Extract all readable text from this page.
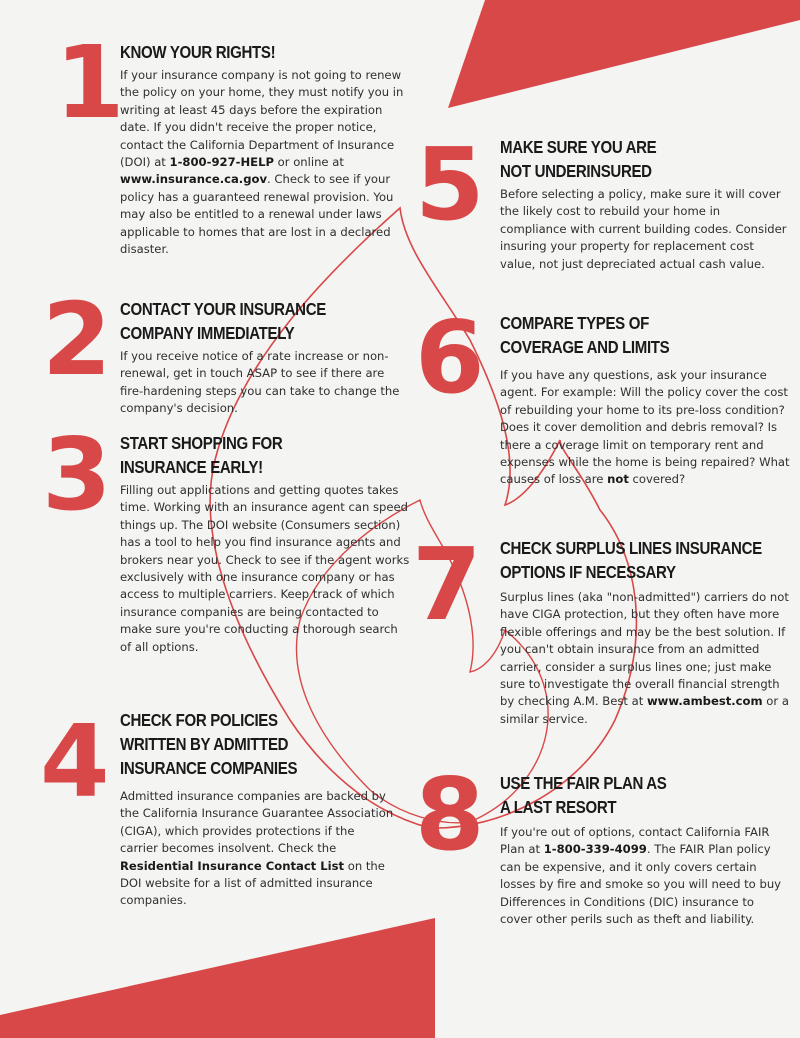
1
KNOW YOUR RIGHTS!
If your insurance company is not going to renew the policy on your home, they must notify you in writing at least 45 days before the expiration date. If you didn't receive the proper notice, contact the California Department of Insurance (DOI) at 1-800-927-HELP or online at www.insurance.ca.gov. Check to see if your policy has a guaranteed renewal provision. You may also be entitled to a renewal under laws applicable to homes that are lost in a declared disaster.
2 CONTACT YOUR INSURANCE
COMPANY IMMEDIATELY
If you receive notice of a rate increase or non-renewal, get in touch ASAP to see if there are fire-hardening steps you can take to change the company's decision.
3 START SHOPPING FOR
INSURANCE EARLY!
Filling out applications and getting quotes takes time. Working with an insurance agent can speed things up. The DOI website (Consumers section) has a tool to help you find insurance agents and brokers near you. Check to see if the agent works exclusively with one insurance company or has access to multiple carriers. Keep track of which insurance companies are being contacted to make sure you're conducting a thorough search of all options.
4 CHECK FOR POLICIES
WRITTEN BY ADMITTED
INSURANCE COMPANIES
Admitted insurance companies are backed by the California Insurance Guarantee Association (CIGA), which provides protections if the carrier becomes insolvent. Check the Residential Insurance Contact List on the DOI website for a list of admitted insurance companies.
5 MAKE SURE YOU ARE
NOT UNDERINSURED
Before selecting a policy, make sure it will cover the likely cost to rebuild your home in compliance with current building codes. Consider insuring your property for replacement cost value, not just depreciated actual cash value.
6 COMPARE TYPES OF
COVERAGE AND LIMITS
If you have any questions, ask your insurance agent. For example: Will the policy cover the cost of rebuilding your home to its pre-loss condition? Does it cover demolition and debris removal? Is there a coverage limit on temporary rent and expenses while the home is being repaired? What causes of loss are not covered?
7 CHECK SURPLUS LINES INSURANCE
OPTIONS IF NECESSARY
Surplus lines (aka "non-admitted") carriers do not have CIGA protection, but they often have more flexible offerings and may be the best solution. If you can't obtain insurance from an admitted carrier, consider a surplus lines one; just make sure to investigate the overall financial strength by checking A.M. Best at www.ambest.com or a similar service.
8 USE THE FAIR PLAN AS
A LAST RESORT
If you're out of options, contact California FAIR Plan at 1-800-339-4099. The FAIR Plan policy can be expensive, and it only covers certain losses by fire and smoke so you will need to buy Differences in Conditions (DIC) insurance to cover other perils such as theft and liability.
